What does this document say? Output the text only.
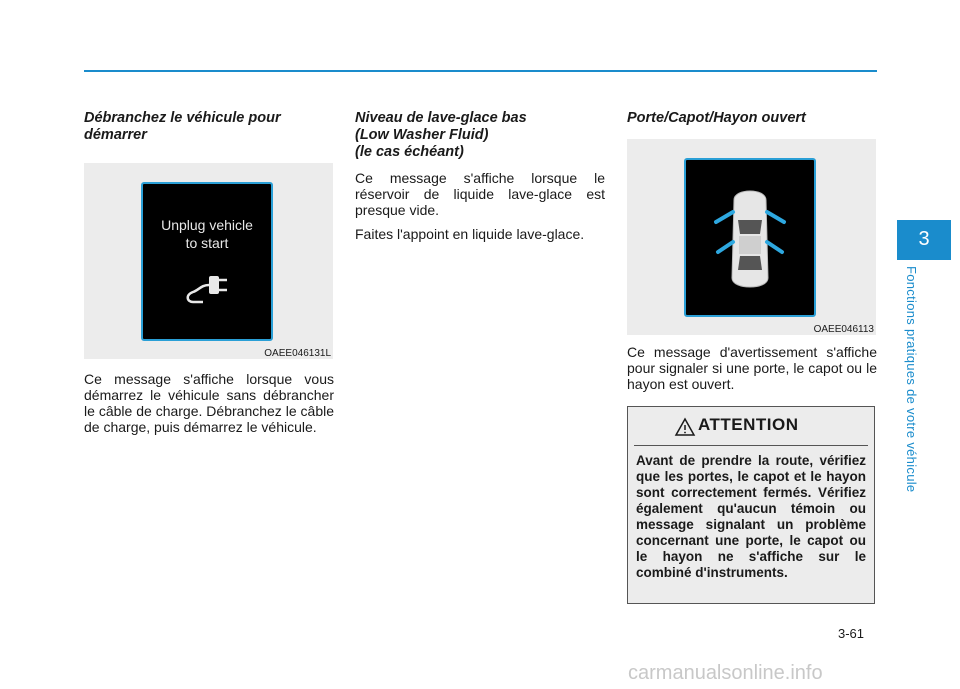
Débranchez le véhicule pour
démarrer
Unplug vehicle
to start
OAEE046131L

Ce message s'affiche lorsque vous démarrez le véhicule sans débrancher le câble de charge. Débranchez le câble de charge, puis démarrez le véhicule.

Niveau de lave-glace bas
(Low Washer Fluid)
(le cas échéant)

Ce message s'affiche lorsque le réservoir de liquide lave-glace est presque vide.

Faites l'appoint en liquide lave-glace.

Porte/Capot/Hayon ouvert
OAEE046113

Ce message d'avertissement s'affiche pour signaler si une porte, le capot ou le hayon est ouvert.

ATTENTION
Avant de prendre la route, vérifiez que les portes, le capot et le hayon sont correctement fermés. Vérifiez également qu'aucun témoin ou message signalant un problème concernant une porte, le capot ou le hayon ne s'affiche sur le combiné d'instruments.
3
Fonctions pratiques de votre véhicule
3-61
carmanualsonline.info
